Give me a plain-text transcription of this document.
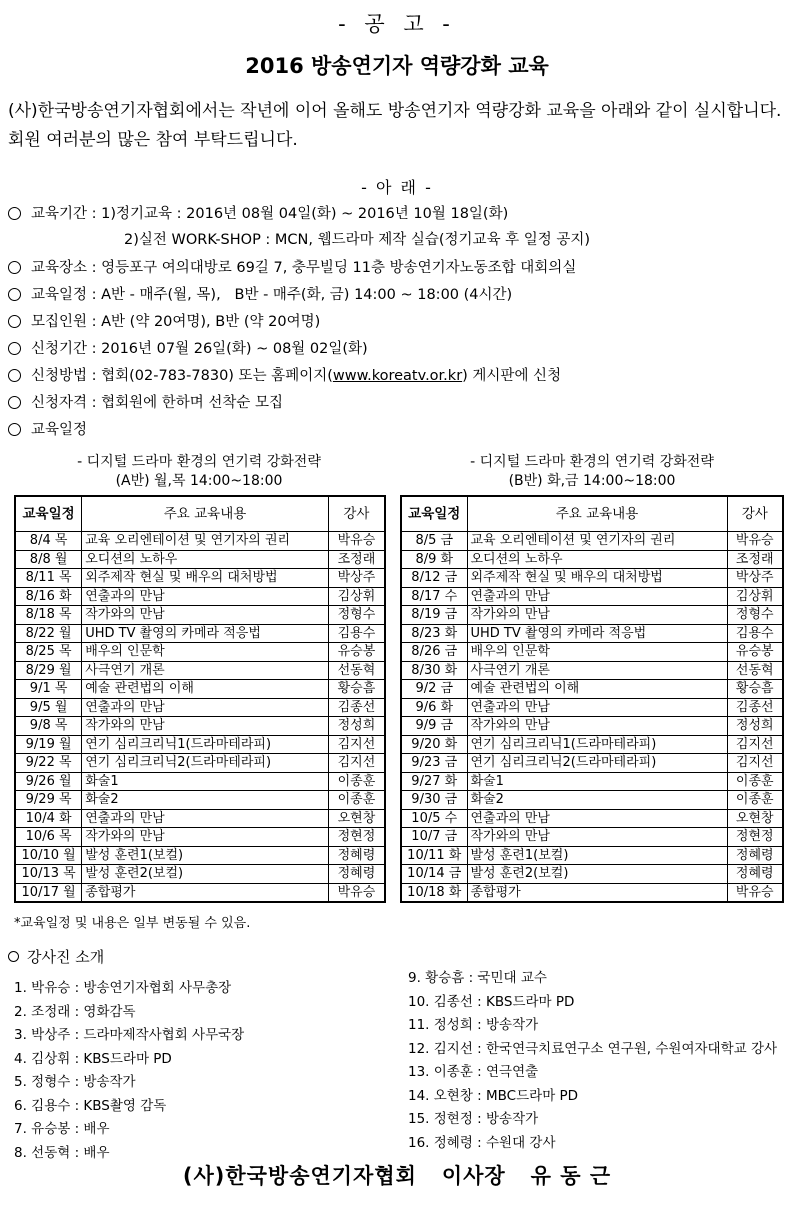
- 공 고 -
2016 방송연기자 역량강화 교육
(사)한국방송연기자협회에서는 작년에 이어 올해도 방송연기자 역량강화 교육을 아래와 같이 실시합니다. 회원 여러분의 많은 참여 부탁드립니다.
- 아 래 -
교육기간 : 1)정기교육 : 2016년 08월 04일(화) ~ 2016년 10월 18일(화)
2)실전 WORK-SHOP : MCN, 웹드라마 제작 실습(정기교육 후 일정 공지)
교육장소 : 영등포구 여의대방로 69길 7, 충무빌딩 11층 방송연기자노동조합 대회의실
교육일정 : A반 - 매주(월, 목),   B반 - 매주(화, 금) 14:00 ~ 18:00 (4시간)
모집인원 : A반 (약 20여명), B반 (약 20여명)
신청기간 : 2016년 07월 26일(화) ~ 08월 02일(화)
신청방법 : 협회(02-783-7830) 또는 홈페이지(www.koreatv.or.kr) 게시판에 신청
신청자격 : 협회원에 한하며 선착순 모집
교육일정
- 디지털 드라마 환경의 연기력 강화전략
(A반) 월,목 14:00~18:00
- 디지털 드라마 환경의 연기력 강화전략
(B반) 화,금 14:00~18:00
교육일정	주요 교육내용	강사
8/4 목	교육 오리엔테이션 및 연기자의 권리	박유승
8/8 월	오디션의 노하우	조정래
8/11 목	외주제작 현실 및 배우의 대처방법	박상주
8/16 화	연출과의 만남	김상휘
8/18 목	작가와의 만남	정형수
8/22 월	UHD TV 촬영의 카메라 적응법	김용수
8/25 목	배우의 인문학	유승봉
8/29 월	사극연기 개론	선동혁
9/1 목	예술 관련법의 이해	황승흠
9/5 월	연출과의 만남	김종선
9/8 목	작가와의 만남	정성희
9/19 월	연기 심리크리닉1(드라마테라피)	김지선
9/22 목	연기 심리크리닉2(드라마테라피)	김지선
9/26 월	화술1	이종훈
9/29 목	화술2	이종훈
10/4 화	연출과의 만남	오현창
10/6 목	작가와의 만남	정현정
10/10 월	발성 훈련1(보컬)	정혜령
10/13 목	발성 훈련2(보컬)	정혜령
10/17 월	종합평가	박유승
교육일정	주요 교육내용	강사
8/5 금	교육 오리엔테이션 및 연기자의 권리	박유승
8/9 화	오디션의 노하우	조정래
8/12 금	외주제작 현실 및 배우의 대처방법	박상주
8/17 수	연출과의 만남	김상휘
8/19 금	작가와의 만남	정형수
8/23 화	UHD TV 촬영의 카메라 적응법	김용수
8/26 금	배우의 인문학	유승봉
8/30 화	사극연기 개론	선동혁
9/2 금	예술 관련법의 이해	황승흠
9/6 화	연출과의 만남	김종선
9/9 금	작가와의 만남	정성희
9/20 화	연기 심리크리닉1(드라마테라피)	김지선
9/23 금	연기 심리크리닉2(드라마테라피)	김지선
9/27 화	화술1	이종훈
9/30 금	화술2	이종훈
10/5 수	연출과의 만남	오현창
10/7 금	작가와의 만남	정현정
10/11 화	발성 훈련1(보컬)	정혜령
10/14 금	발성 훈련2(보컬)	정혜령
10/18 화	종합평가	박유승
*교육일정 및 내용은 일부 변동될 수 있음.
강사진 소개
1. 박유승 : 방송연기자협회 사무총장
2. 조정래 : 영화감독
3. 박상주 : 드라마제작사협회 사무국장
4. 김상휘 : KBS드라마 PD
5. 정형수 : 방송작가
6. 김용수 : KBS촬영 감독
7. 유승봉 : 배우
8. 선동혁 : 배우
9. 황승흠 : 국민대 교수
10. 김종선 : KBS드라마 PD
11. 정성희 : 방송작가
12. 김지선 : 한국연극치료연구소 연구원, 수원여자대학교 강사
13. 이종훈 : 연극연출
14. 오현창 : MBC드라마 PD
15. 정현정 : 방송작가
16. 정혜령 : 수원대 강사
(사)한국방송연기자협회   이사장   유 동 근
